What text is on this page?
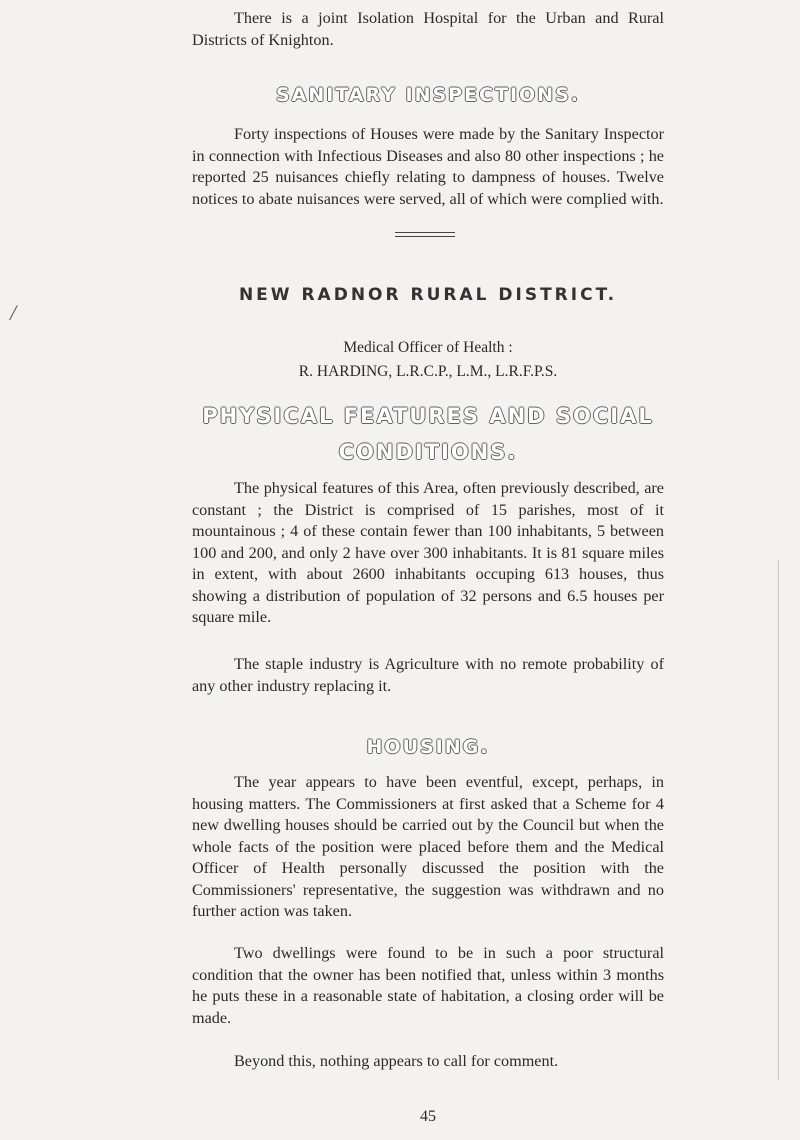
/

There is a joint Isolation Hospital for the Urban and Rural Districts of Knighton.

SANITARY INSPECTIONS.

Forty inspections of Houses were made by the Sanitary Inspector in connection with Infectious Diseases and also 80 other inspections ; he reported 25 nuisances chiefly relating to dampness of houses. Twelve notices to abate nuisances were served, all of which were complied with.

NEW RADNOR RURAL DISTRICT.

Medical Officer of Health :

R. HARDING, L.R.C.P., L.M., L.R.F.P.S.

PHYSICAL FEATURES AND SOCIAL
CONDITIONS.

The physical features of this Area, often previously described, are constant ; the District is comprised of 15 parishes, most of it mountainous ; 4 of these contain fewer than 100 inhabitants, 5 between 100 and 200, and only 2 have over 300 inhabitants. It is 81 square miles in extent, with about 2600 inhabitants occuping 613 houses, thus showing a distribution of population of 32 persons and 6.5 houses per square mile.

The staple industry is Agriculture with no remote probability of any other industry replacing it.

HOUSING.

The year appears to have been eventful, except, perhaps, in housing matters. The Commissioners at first asked that a Scheme for 4 new dwelling houses should be carried out by the Council but when the whole facts of the position were placed before them and the Medical Officer of Health personally discussed the position with the Commissioners' representative, the suggestion was withdrawn and no further action was taken.

Two dwellings were found to be in such a poor structural condition that the owner has been notified that, unless within 3 months he puts these in a reasonable state of habitation, a closing order will be made.

Beyond this, nothing appears to call for comment.

45
